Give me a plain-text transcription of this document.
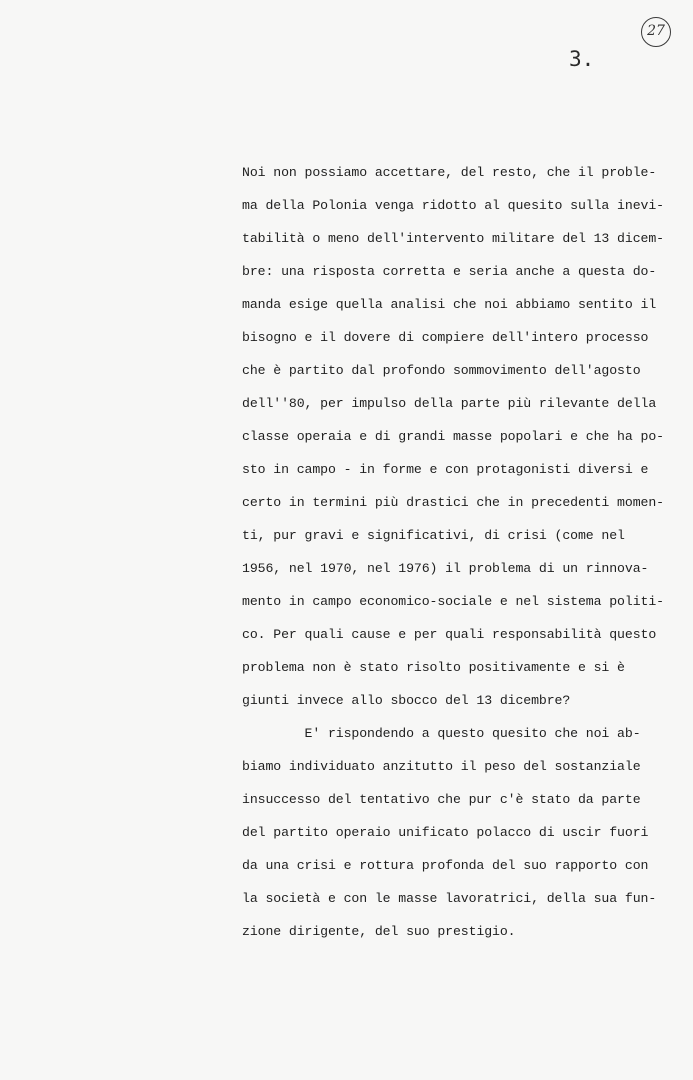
27
3.
Noi non possiamo accettare, del resto, che il proble-
ma della Polonia venga ridotto al quesito sulla inevi-
tabilità o meno dell'intervento militare del 13 dicem-
bre: una risposta corretta e seria anche a questa do-
manda esige quella analisi che noi abbiamo sentito il
bisogno e il dovere di compiere dell'intero processo
che è partito dal profondo sommovimento dell'agosto
dell''80, per impulso della parte più rilevante della
classe operaia e di grandi masse popolari e che ha po-
sto in campo - in forme e con protagonisti diversi e
certo in termini più drastici che in precedenti momen-
ti, pur gravi e significativi, di crisi (come nel
1956, nel 1970, nel 1976) il problema di un rinnova-
mento in campo economico-sociale e nel sistema politi-
co. Per quali cause e per quali responsabilità questo
problema non è stato risolto positivamente e si è
giunti invece allo sbocco del 13 dicembre?
E' rispondendo a questo quesito che noi ab-
biamo individuato anzitutto il peso del sostanziale
insuccesso del tentativo che pur c'è stato da parte
del partito operaio unificato polacco di uscir fuori
da una crisi e rottura profonda del suo rapporto con
la società e con le masse lavoratrici, della sua fun-
zione dirigente, del suo prestigio.
